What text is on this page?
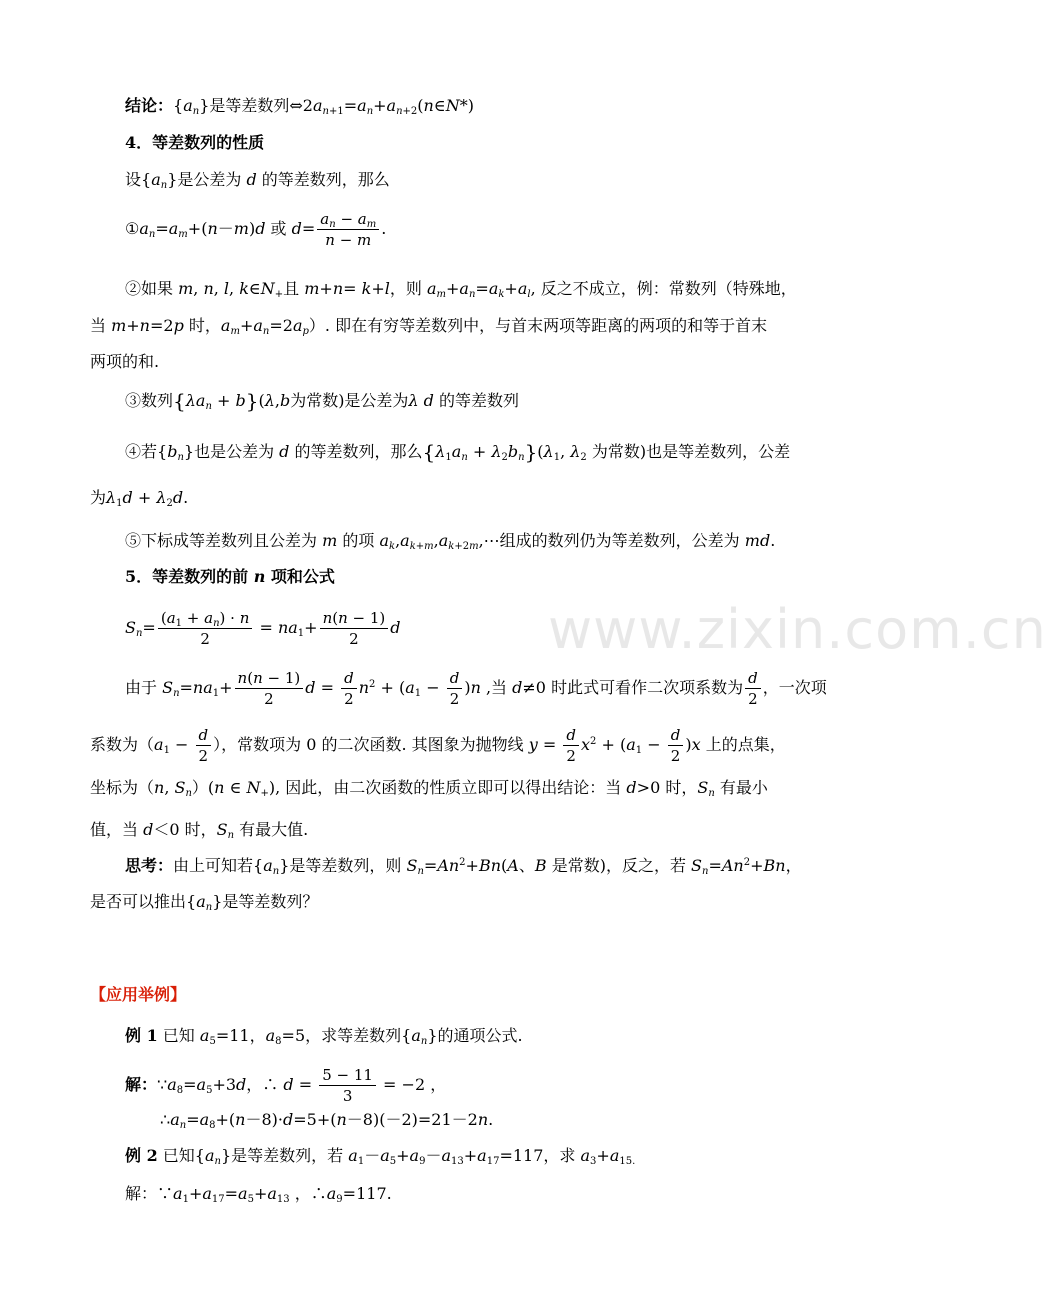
www.zixin.com.cn
结论：$\{a_n\}$是等差数列$\Leftrightarrow 2a_{n+1}=a_n+a_{n+2}(n\in N*)$
4．等差数列的性质
设$\{a_n\}$是公差为 d 的等差数列，那么
$①a_n=a_m+(n-m)d$ 或 $d= \frac{a_n - a_m}{n - m}$ .
②如果 m, n, l, $k\in N_+$且 m+n= k+l，则 $a_m+a_n=a_k+a_l$, 反之不成立，例：常数列（特殊地，
当 m+n=2p 时，$a_m+a_n=2a_p$）. 即在有穷等差数列中，与首末两项等距离的两项的和等于首末
两项的和.
③数列$\{\lambda a_n + b\}(\lambda,b$为常数)是公差为λ d 的等差数列
④若$\{b_n\}$也是公差为 d 的等差数列，那么$\{\lambda_1a_n + \lambda_2b_n\}(\lambda_1$, $\lambda_2$ 为常数)也是等差数列，公差
为$\lambda_1d + \lambda_2d$.
⑤下标成等差数列且公差为 m 的项 $a_k,a_{k+m},a_{k+2m},\cdots$组成的数列仍为等差数列，公差为 md.
5．等差数列的前 n 项和公式
$S_n= \frac{(a_1 + a_n) \cdot n}{2} = na_1+ \frac{n(n - 1)}{2}$ d
由于 $S_n=na_1+ \frac{n(n - 1)}{2}$ $d = \frac{d}{2} n^2 + (a_1 - \frac{d}{2} )n$ ,当 d≠0 时此式可看作二次项系数为 $\frac{d}{2}$ ，一次项
系数为（$a_1 - \frac{d}{2}$ ），常数项为 0 的二次函数. 其图象为抛物线 $y = \frac{d}{2} x^2 + (a_1 - \frac{d}{2} )x$ 上的点集，
坐标为（n, $S_n)(n$ ∈ $N_+$), 因此，由二次函数的性质立即可以得出结论：当 d>0 时，$S_n$ 有最小
值，当 d＜0 时，$S_n$ 有最大值.
思考：由上可知若$\{a_n\}$是等差数列，则 $S_n=An^2+Bn(A$、B 是常数)，反之，若 $S_n=An^2+Bn$，
是否可以推出$\{a_n\}$是等差数列？
【应用举例】
例 1 已知 $a_5=11$，$a_8=5$，求等差数列$\{a_n\}$的通项公式.
解：$\because a_8=a_5+3d$，∴ $d = \frac{5 - 11}{3} = -2$ ，
$\therefore a_n=a_8+(n-8)\cdot d=5+(n-8)(-2)=21-2n$.
例 2 已知$\{a_n\}$是等差数列，若 $a_1-a_5+a_9-a_{13}+a_{17}=117$，求 $a_3+a_{15.}$
解：$\because a_1+a_{17}=a_5+a_{13}$ ，$\therefore a_9=117$.
